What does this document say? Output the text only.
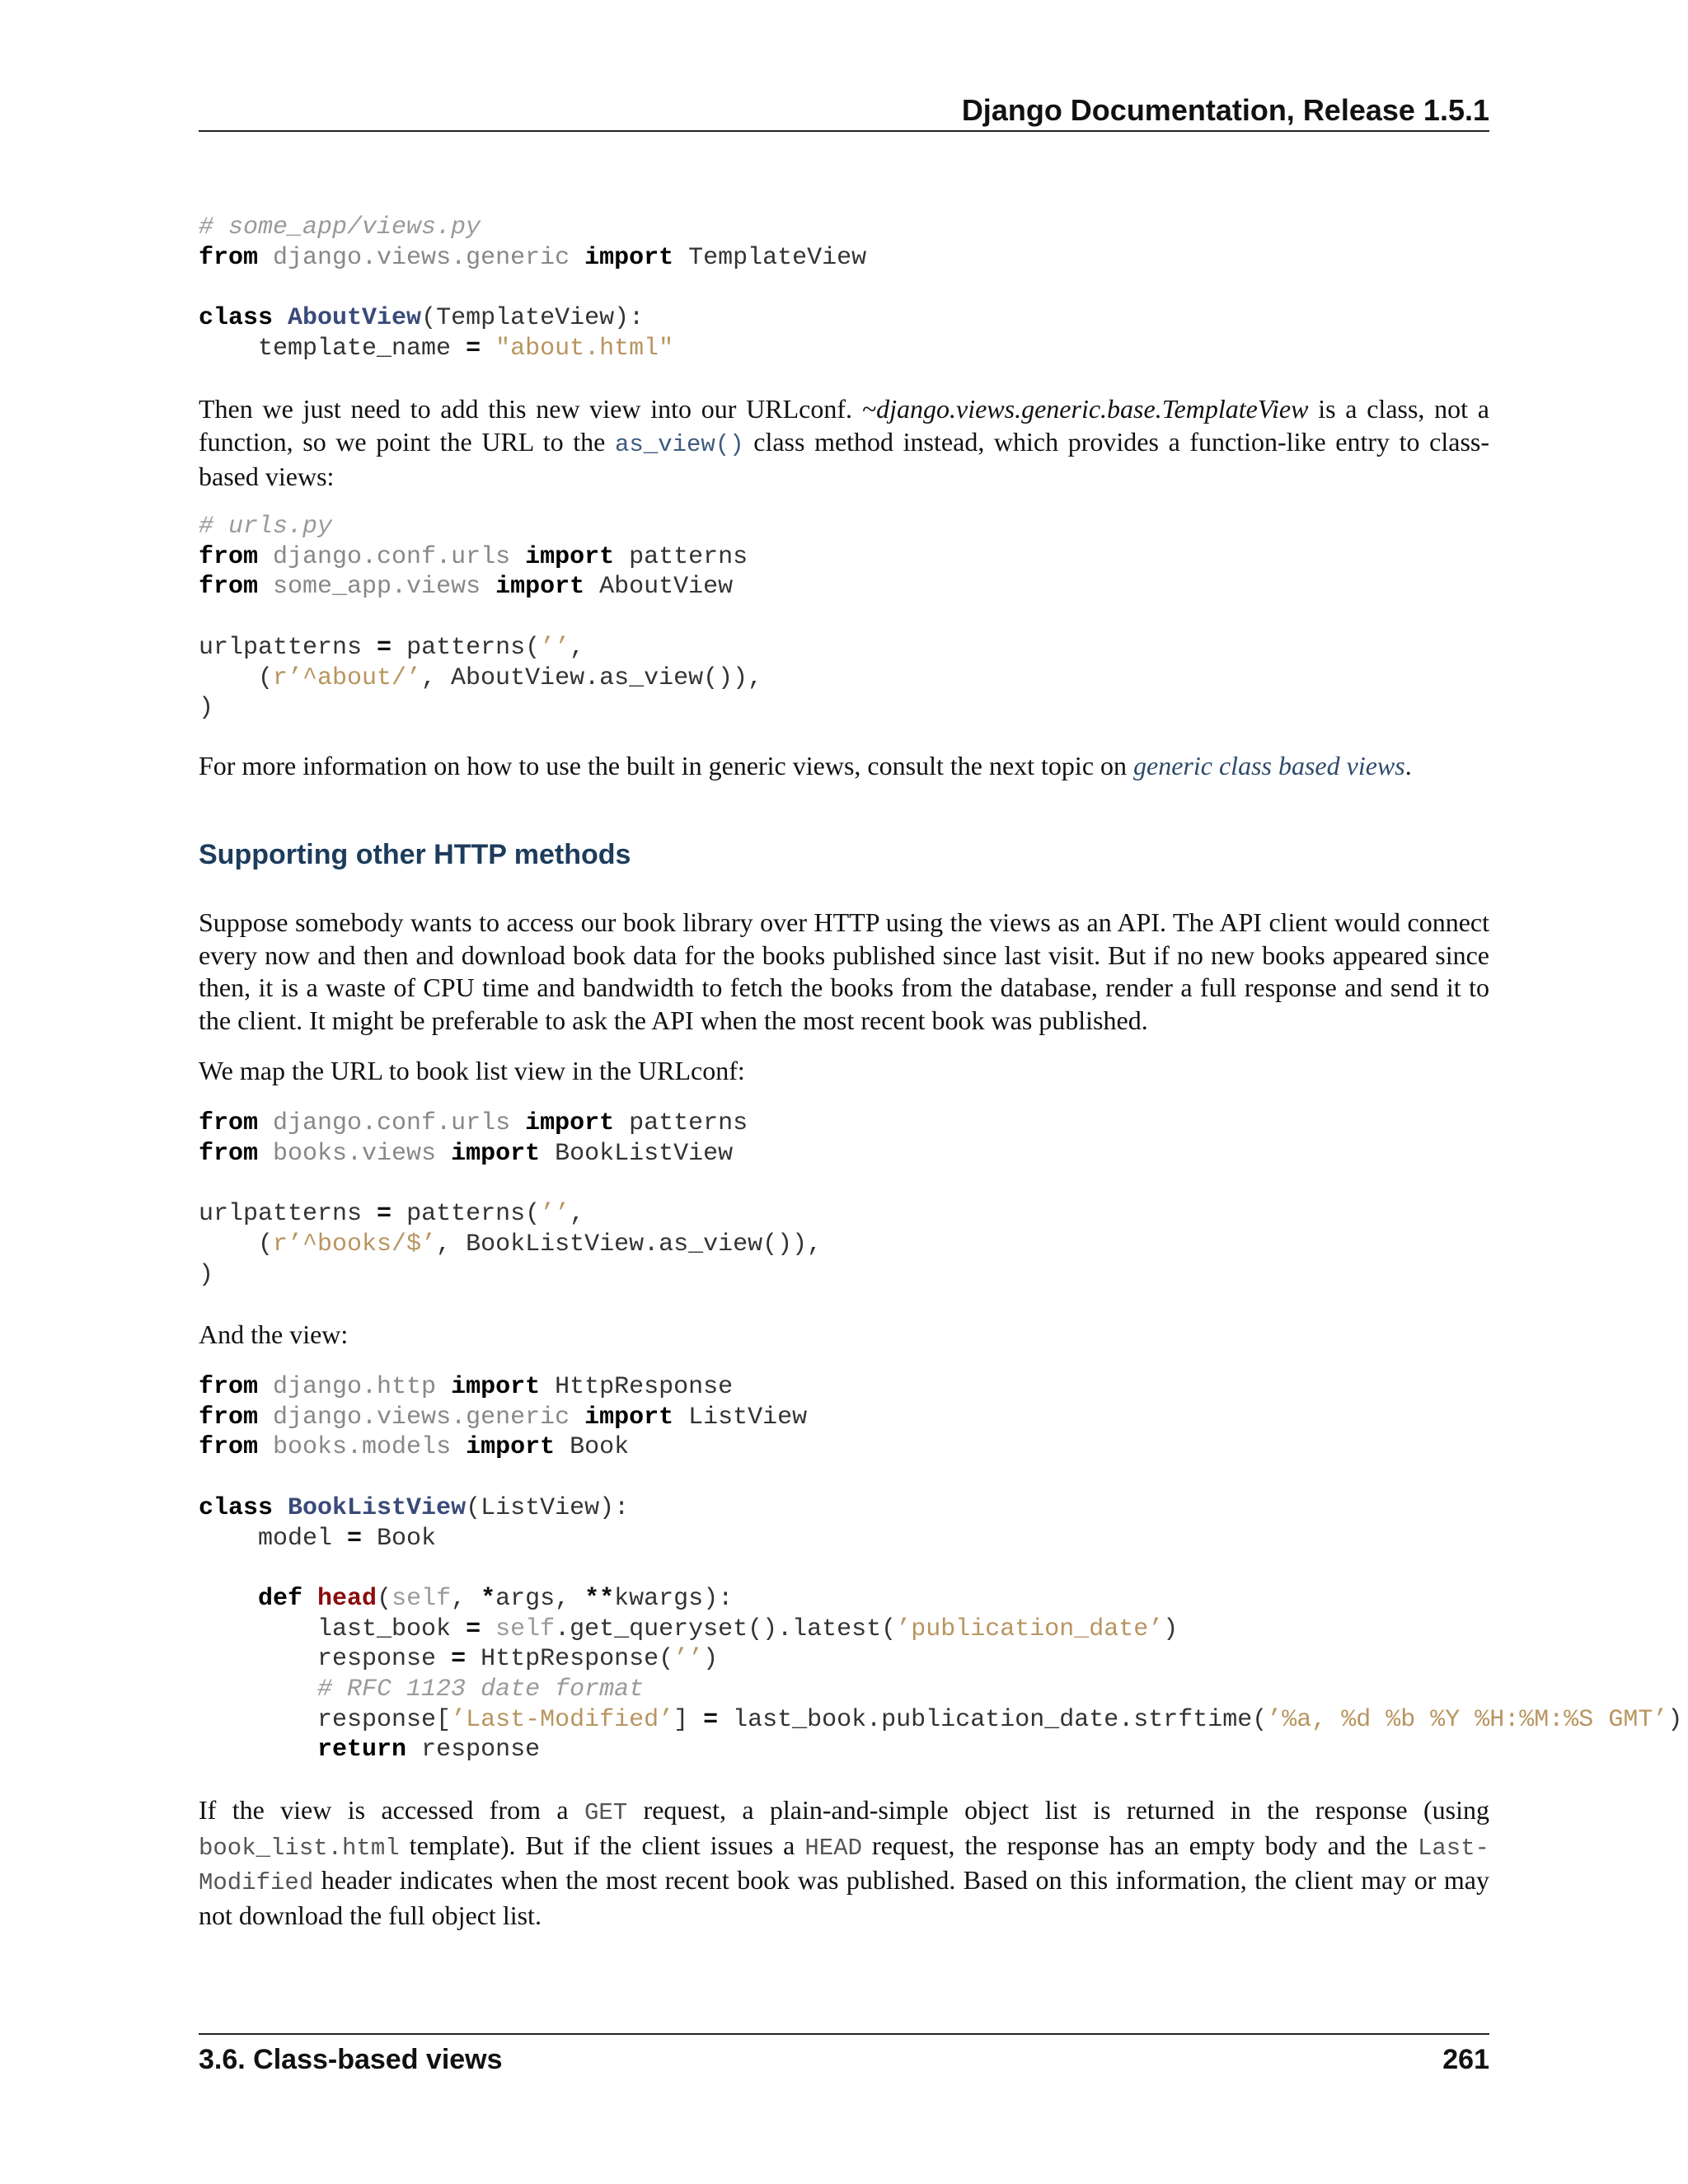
Django Documentation, Release 1.5.1
# some_app/views.py
from django.views.generic import TemplateView

class AboutView(TemplateView):
template_name = "about.html"

Then we just need to add this new view into our URLconf. ~django.views.generic.base.TemplateView is a class, not a function, so we point the URL to the as_view() class method instead, which provides a function-like entry to class-based views:

# urls.py
from django.conf.urls import patterns
from some_app.views import AboutView

urlpatterns = patterns(’’,
(r’^about/’, AboutView.as_view()),
)

For more information on how to use the built in generic views, consult the next topic on generic class based views.

Supporting other HTTP methods

Suppose somebody wants to access our book library over HTTP using the views as an API. The API client would connect every now and then and download book data for the books published since last visit. But if no new books appeared since then, it is a waste of CPU time and bandwidth to fetch the books from the database, render a full response and send it to the client. It might be preferable to ask the API when the most recent book was published.

We map the URL to book list view in the URLconf:

from django.conf.urls import patterns
from books.views import BookListView

urlpatterns = patterns(’’,
(r’^books/$’, BookListView.as_view()),
)

And the view:

from django.http import HttpResponse
from django.views.generic import ListView
from books.models import Book

class BookListView(ListView):
model = Book

def head(self, *args, **kwargs):
last_book = self.get_queryset().latest(’publication_date’)
response = HttpResponse(’’)
# RFC 1123 date format
response[’Last-Modified’] = last_book.publication_date.strftime(’%a, %d %b %Y %H:%M:%S GMT’)
return response

If the view is accessed from a GET request, a plain-and-simple object list is returned in the response (using book_list.html template). But if the client issues a HEAD request, the response has an empty body and the Last-Modified header indicates when the most recent book was published. Based on this information, the client may or may not download the full object list.

3.6. Class-based views	261
